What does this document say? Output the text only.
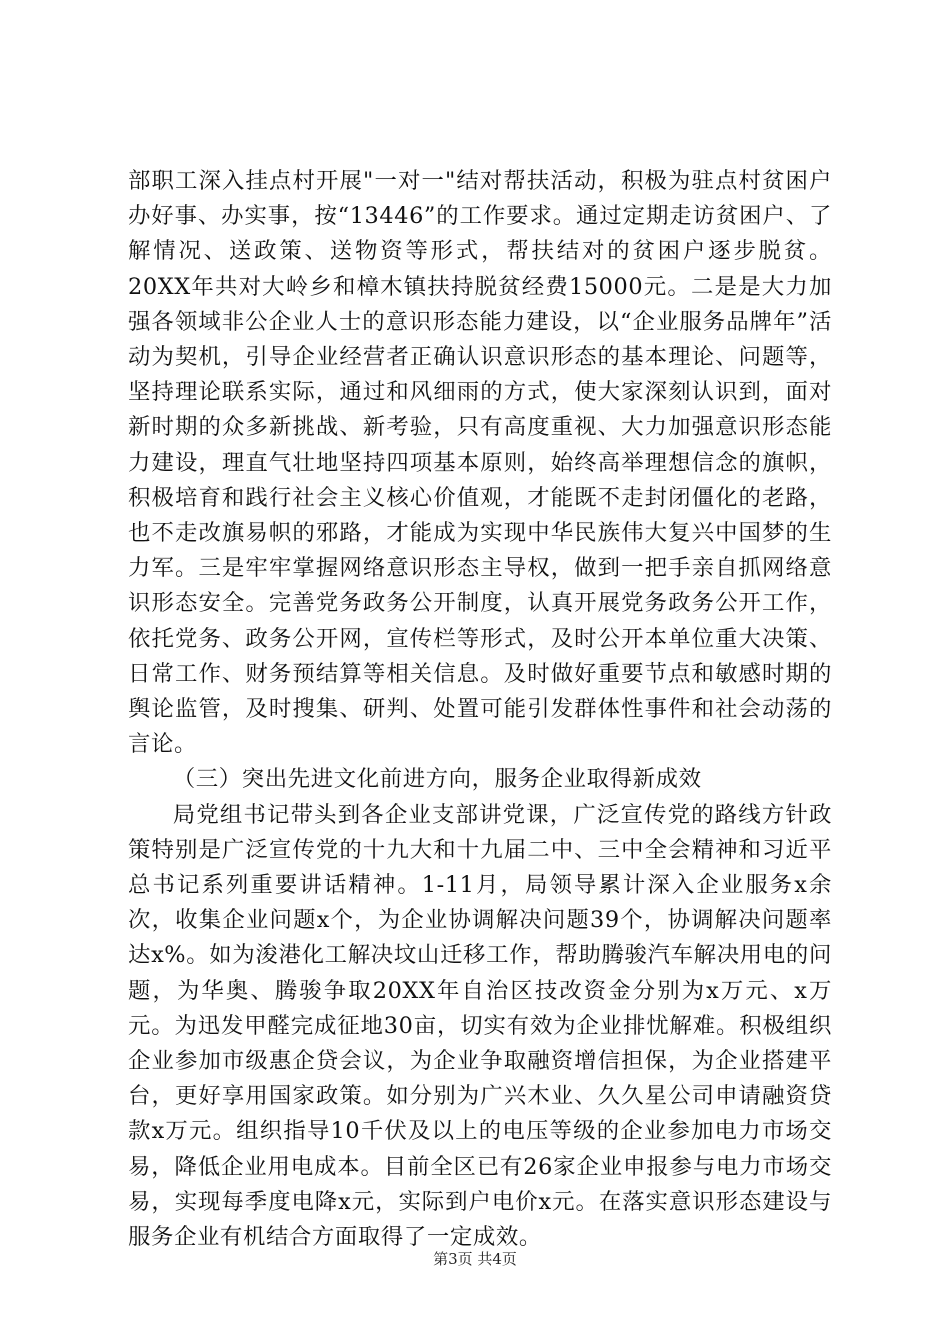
部职工深入挂点村开展"一对一"结对帮扶活动，积极为驻点村贫困户办好事、办实事，按“13446”的工作要求。通过定期走访贫困户、了解情况、送政策、送物资等形式，帮扶结对的贫困户逐步脱贫。20XX年共对大岭乡和樟木镇扶持脱贫经费15000元。二是是大力加强各领域非公企业人士的意识形态能力建设，以“企业服务品牌年”活动为契机，引导企业经营者正确认识意识形态的基本理论、问题等，坚持理论联系实际，通过和风细雨的方式，使大家深刻认识到，面对新时期的众多新挑战、新考验，只有高度重视、大力加强意识形态能力建设，理直气壮地坚持四项基本原则，始终高举理想信念的旗帜，积极培育和践行社会主义核心价值观，才能既不走封闭僵化的老路，也不走改旗易帜的邪路，才能成为实现中华民族伟大复兴中国梦的生力军。三是牢牢掌握网络意识形态主导权，做到一把手亲自抓网络意识形态安全。完善党务政务公开制度，认真开展党务政务公开工作，依托党务、政务公开网，宣传栏等形式，及时公开本单位重大决策、日常工作、财务预结算等相关信息。及时做好重要节点和敏感时期的舆论监管，及时搜集、研判、处置可能引发群体性事件和社会动荡的言论。

（三）突出先进文化前进方向，服务企业取得新成效

局党组书记带头到各企业支部讲党课，广泛宣传党的路线方针政策特别是广泛宣传党的十九大和十九届二中、三中全会精神和习近平总书记系列重要讲话精神。1-11月，局领导累计深入企业服务x余次，收集企业问题x个，为企业协调解决问题39个，协调解决问题率达x%。如为浚港化工解决坟山迁移工作，帮助腾骏汽车解决用电的问题，为华奥、腾骏争取20XX年自治区技改资金分别为x万元、x万元。为迅发甲醛完成征地30亩，切实有效为企业排忧解难。积极组织企业参加市级惠企贷会议，为企业争取融资增信担保，为企业搭建平台，更好享用国家政策。如分别为广兴木业、久久星公司申请融资贷款x万元。组织指导10千伏及以上的电压等级的企业参加电力市场交易，降低企业用电成本。目前全区已有26家企业申报参与电力市场交易，实现每季度电降x元，实际到户电价x元。在落实意识形态建设与服务企业有机结合方面取得了一定成效。

第3页 共4页
